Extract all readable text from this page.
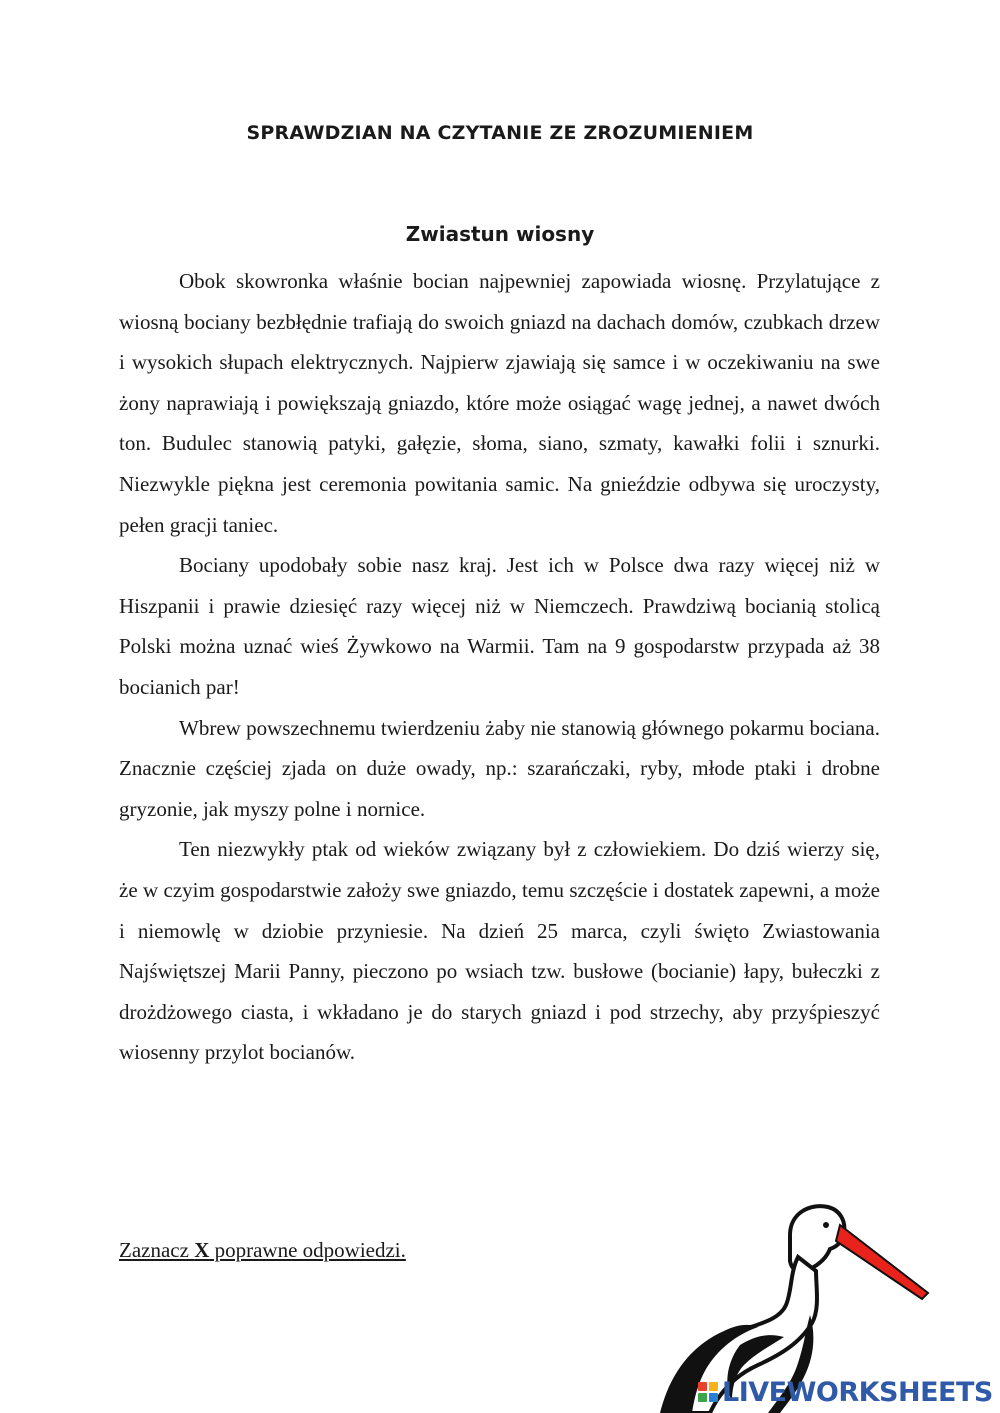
SPRAWDZIAN NA CZYTANIE ZE ZROZUMIENIEM
Zwiastun wiosny

Obok skowronka właśnie bocian najpewniej zapowiada wiosnę. Przylatujące z wiosną bociany bezbłędnie trafiają do swoich gniazd na dachach domów, czubkach drzew i wysokich słupach elektrycznych. Najpierw zjawiają się samce i w oczekiwaniu na swe żony naprawiają i powiększają gniazdo, które może osiągać wagę jednej, a nawet dwóch ton. Budulec stanowią patyki, gałęzie, słoma, siano, szmaty, kawałki folii i sznurki. Niezwykle piękna jest ceremonia powitania samic. Na gnieździe odbywa się uroczysty, pełen gracji taniec.

Bociany upodobały sobie nasz kraj. Jest ich w Polsce dwa razy więcej niż w Hiszpanii i prawie dziesięć razy więcej niż w Niemczech. Prawdziwą bocianią stolicą Polski można uznać wieś Żywkowo na Warmii. Tam na 9 gospodarstw przypada aż 38 bocianich par!

Wbrew powszechnemu twierdzeniu żaby nie stanowią głównego pokarmu bociana. Znacznie częściej zjada on duże owady, np.: szarańczaki, ryby, młode ptaki i drobne gryzonie, jak myszy polne i nornice.

Ten niezwykły ptak od wieków związany był z człowiekiem. Do dziś wierzy się, że w czyim gospodarstwie założy swe gniazdo, temu szczęście i dostatek zapewni, a może i niemowlę w dziobie przyniesie. Na dzień 25 marca, czyli święto Zwiastowania Najświętszej Marii Panny, pieczono po wsiach tzw. busłowe (bocianie) łapy, bułeczki z drożdżowego ciasta, i wkładano je do starych gniazd i pod strzechy, aby przyśpieszyć wiosenny przylot bocianów.

Zaznacz X poprawne odpowiedzi.
LIVEWORKSHEETS
